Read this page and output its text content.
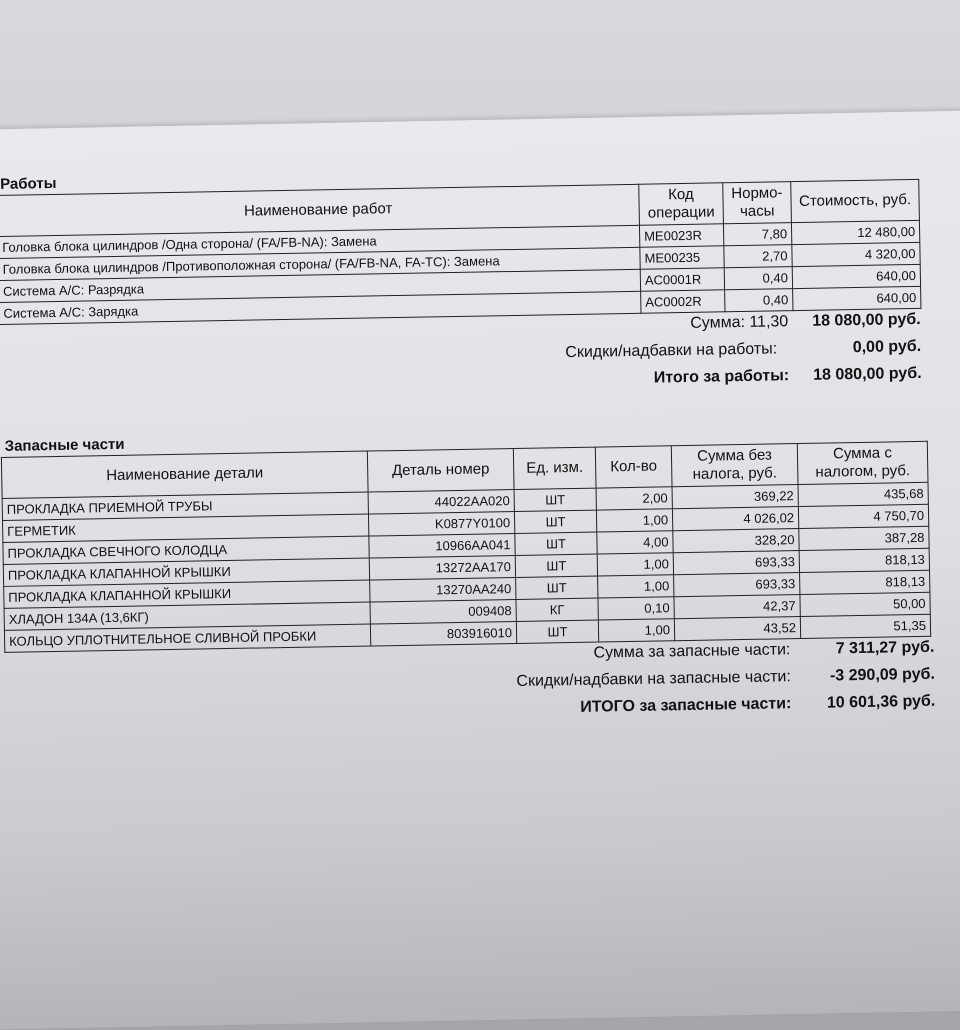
Работы
Наименование работ	Код операции	Нормо-часы	Стоимость, руб.
Головка блока цилиндров /Одна сторона/ (FA/FB-NA): Замена	ME0023R	7,80	12 480,00
Головка блока цилиндров /Противоположная сторона/ (FA/FB-NA, FA-TC): Замена	ME00235	2,70	4 320,00
Система A/C: Разрядка	AC0001R	0,40	640,00
Система A/C: Зарядка	AC0002R	0,40	640,00
Сумма: 11,30 18 080,00 руб.
Скидки/надбавки на работы:	0,00 руб.
Итого за работы: 18 080,00 руб.
Запасные части
Наименование детали	Деталь номер	Ед. изм.	Кол-во	Сумма без налога, руб.	Сумма с налогом, руб.
ПРОКЛАДКА ПРИЕМНОЙ ТРУБЫ	44022AA020	ШТ	2,00	369,22	435,68
ГЕРМЕТИК	K0877Y0100	ШТ	1,00	4 026,02	4 750,70
ПРОКЛАДКА СВЕЧНОГО КОЛОДЦА	10966AA041	ШТ	4,00	328,20	387,28
ПРОКЛАДКА КЛАПАННОЙ КРЫШКИ	13272AA170	ШТ	1,00	693,33	818,13
ПРОКЛАДКА КЛАПАННОЙ КРЫШКИ	13270AA240	ШТ	1,00	693,33	818,13
ХЛАДОН 134A (13,6КГ)	009408	КГ	0,10	42,37	50,00
КОЛЬЦО УПЛОТНИТЕЛЬНОЕ СЛИВНОЙ ПРОБКИ	803916010	ШТ	1,00	43,52	51,35
Сумма за запасные части:	7 311,27 руб.
Скидки/надбавки на запасные части:	-3 290,09 руб.
ИТОГО за запасные части:	10 601,36 руб.
